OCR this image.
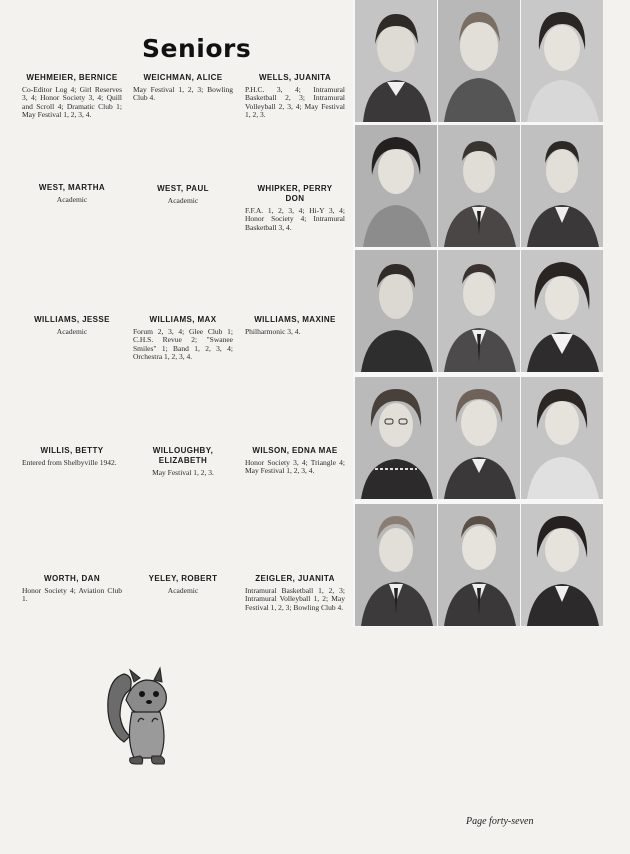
Seniors
WEHMEIER, BERNICE
Co-Editor Log 4; Girl Reserves 3, 4; Honor Society 3, 4; Quill and Scroll 4; Dramatic Club 1; May Festival 1, 2, 3, 4.
WEICHMAN, ALICE
May Festival 1, 2, 3; Bowling Club 4.
WELLS, JUANITA
P.H.C. 3, 4; Intramural Basketball 2, 3; Intramural Volleyball 2, 3, 4; May Festival 1, 2, 3.
WEST, MARTHA
Academic
WEST, PAUL
Academic
WHIPKER, PERRY DON
F.F.A. 1, 2, 3, 4; Hi-Y 3, 4; Honor Society 4; Intramural Basketball 3, 4.
WILLIAMS, JESSE
Academic
WILLIAMS, MAX
Forum 2, 3, 4; Glee Club 1; C.H.S. Revue 2; "Swanee Smiles" 1; Band 1, 2, 3, 4; Orchestra 1, 2, 3, 4.
WILLIAMS, MAXINE
Philharmonic 3, 4.
WILLIS, BETTY
Entered from Shelbyville 1942.
WILLOUGHBY, ELIZABETH
May Festival 1, 2, 3.
WILSON, EDNA MAE
Honor Society 3, 4; Triangle 4; May Festival 1, 2, 3, 4.
WORTH, DAN
Honor Society 4; Aviation Club 1.
YELEY, ROBERT
Academic
ZEIGLER, JUANITA
Intramural Basketball 1, 2, 3; Intramural Volleyball 1, 2; May Festival 1, 2, 3; Bowling Club 4.
Page forty-seven
